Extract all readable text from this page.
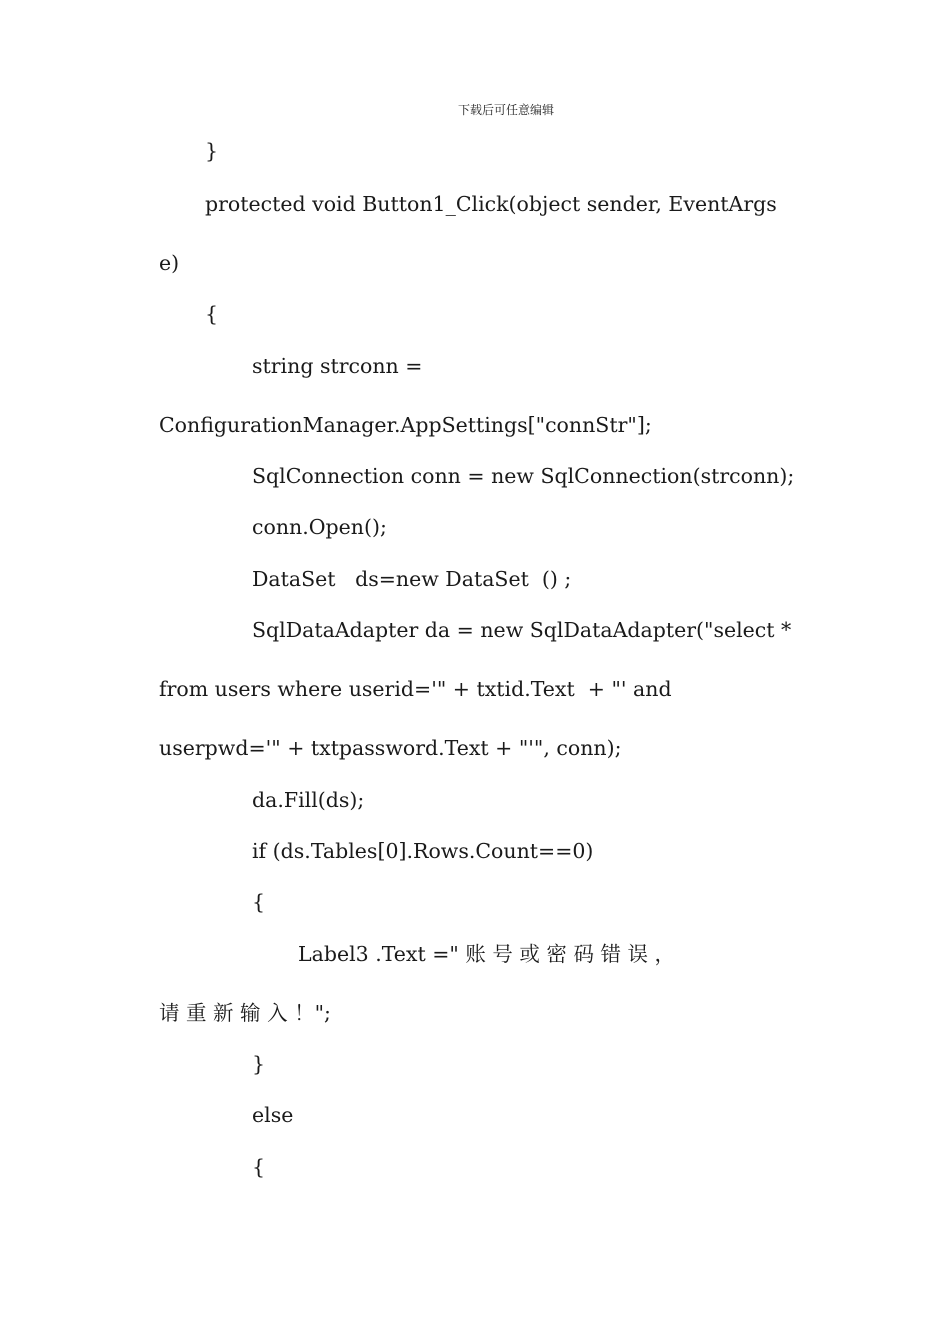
下载后可任意编辑
}
protected void Button1_Click(object sender, EventArgs
e)
{
string strconn =
ConfigurationManager.AppSettings["connStr"];
SqlConnection conn = new SqlConnection(strconn);
conn.Open();
DataSet   ds=new DataSet  () ;
SqlDataAdapter da = new SqlDataAdapter("select *
from users where userid='" + txtid.Text  + "' and
userpwd='" + txtpassword.Text + "'", conn);
da.Fill(ds);
if (ds.Tables[0].Rows.Count==0)
{
Label3 .Text =" 账 号 或 密 码 错 误 ，
请 重 新 输 入 ！";
}
else
{
